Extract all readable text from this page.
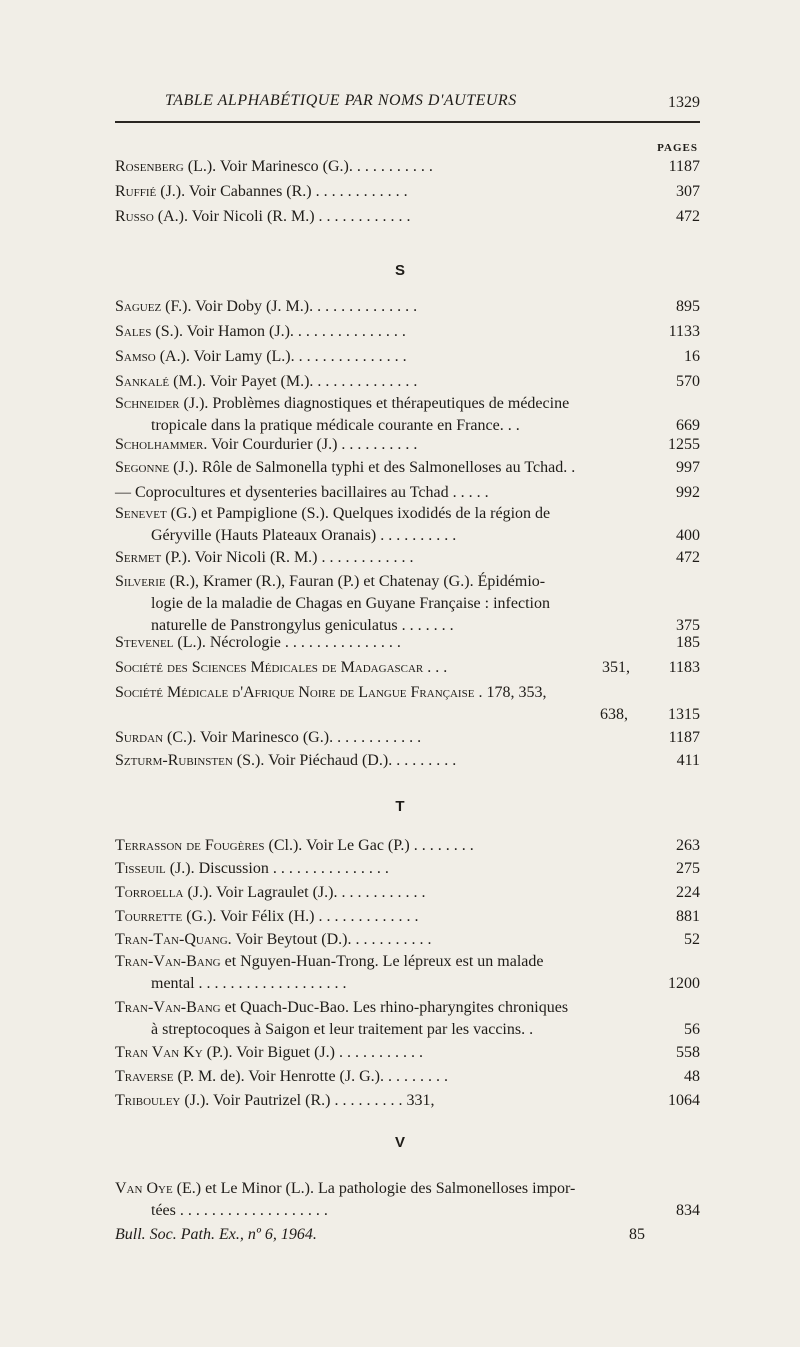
TABLE ALPHABÉTIQUE PAR NOMS D'AUTEURS	1329
PAGES
S
T
V
Rosenberg (L.). Voir Marinesco (G.). . . . . . . . . . .	1187
Ruffié (J.). Voir Cabannes (R.) . . . . . . . . . . . .	307
Russo (A.). Voir Nicoli (R. M.) . . . . . . . . . . . .	472
Saguez (F.). Voir Doby (J. M.). . . . . . . . . . . . . .	895
Sales (S.). Voir Hamon (J.). . . . . . . . . . . . . . .	1133
Samso (A.). Voir Lamy (L.). . . . . . . . . . . . . . .	16
Sankalé (M.). Voir Payet (M.). . . . . . . . . . . . . .	570
Schneider (J.). Problèmes diagnostiques et thérapeutiques de médecine
tropicale dans la pratique médicale courante en France. . .	669
Scholhammer. Voir Courdurier (J.) . . . . . . . . . .	1255
Segonne (J.). Rôle de Salmonella typhi et des Salmonelloses au Tchad. .	997
— Coprocultures et dysenteries bacillaires au Tchad . . . . .	992
Senevet (G.) et Pampiglione (S.). Quelques ixodidés de la région de
Géryville (Hauts Plateaux Oranais) . . . . . . . . . .	400
Sermet (P.). Voir Nicoli (R. M.) . . . . . . . . . . . .	472
Silverie (R.), Kramer (R.), Fauran (P.) et Chatenay (G.). Épidémio-
logie de la maladie de Chagas en Guyane Française : infection
naturelle de Panstrongylus geniculatus . . . . . . .	375
Stevenel (L.). Nécrologie . . . . . . . . . . . . . . .	185
Société des Sciences Médicales de Madagascar . . .	351, 1183
Société Médicale d'Afrique Noire de Langue Française . 178, 353,
638,	1315
Surdan (C.). Voir Marinesco (G.). . . . . . . . . . . .	1187
Szturm-Rubinsten (S.). Voir Piéchaud (D.). . . . . . . . .	411
Terrasson de Fougères (Cl.). Voir Le Gac (P.) . . . . . . . .	263
Tisseuil (J.). Discussion . . . . . . . . . . . . . . .	275
Torroella (J.). Voir Lagraulet (J.). . . . . . . . . . . .	224
Tourrette (G.). Voir Félix (H.) . . . . . . . . . . . . .	881
Tran-Tan-Quang. Voir Beytout (D.). . . . . . . . . . .	52
Tran-Van-Bang et Nguyen-Huan-Trong. Le lépreux est un malade
mental . . . . . . . . . . . . . . . . . . .	1200
Tran-Van-Bang et Quach-Duc-Bao. Les rhino-pharyngites chroniques
à streptocoques à Saigon et leur traitement par les vaccins. .	56
Tran Van Ky (P.). Voir Biguet (J.) . . . . . . . . . . .	558
Traverse (P. M. de). Voir Henrotte (J. G.). . . . . . . . .	48
Tribouley (J.). Voir Pautrizel (R.) . . . . . . . . . 331,	1064
Van Oye (E.) et Le Minor (L.). La pathologie des Salmonelloses impor-
tées . . . . . . . . . . . . . . . . . . .	834
Bull. Soc. Path. Ex., nº 6, 1964.	85
